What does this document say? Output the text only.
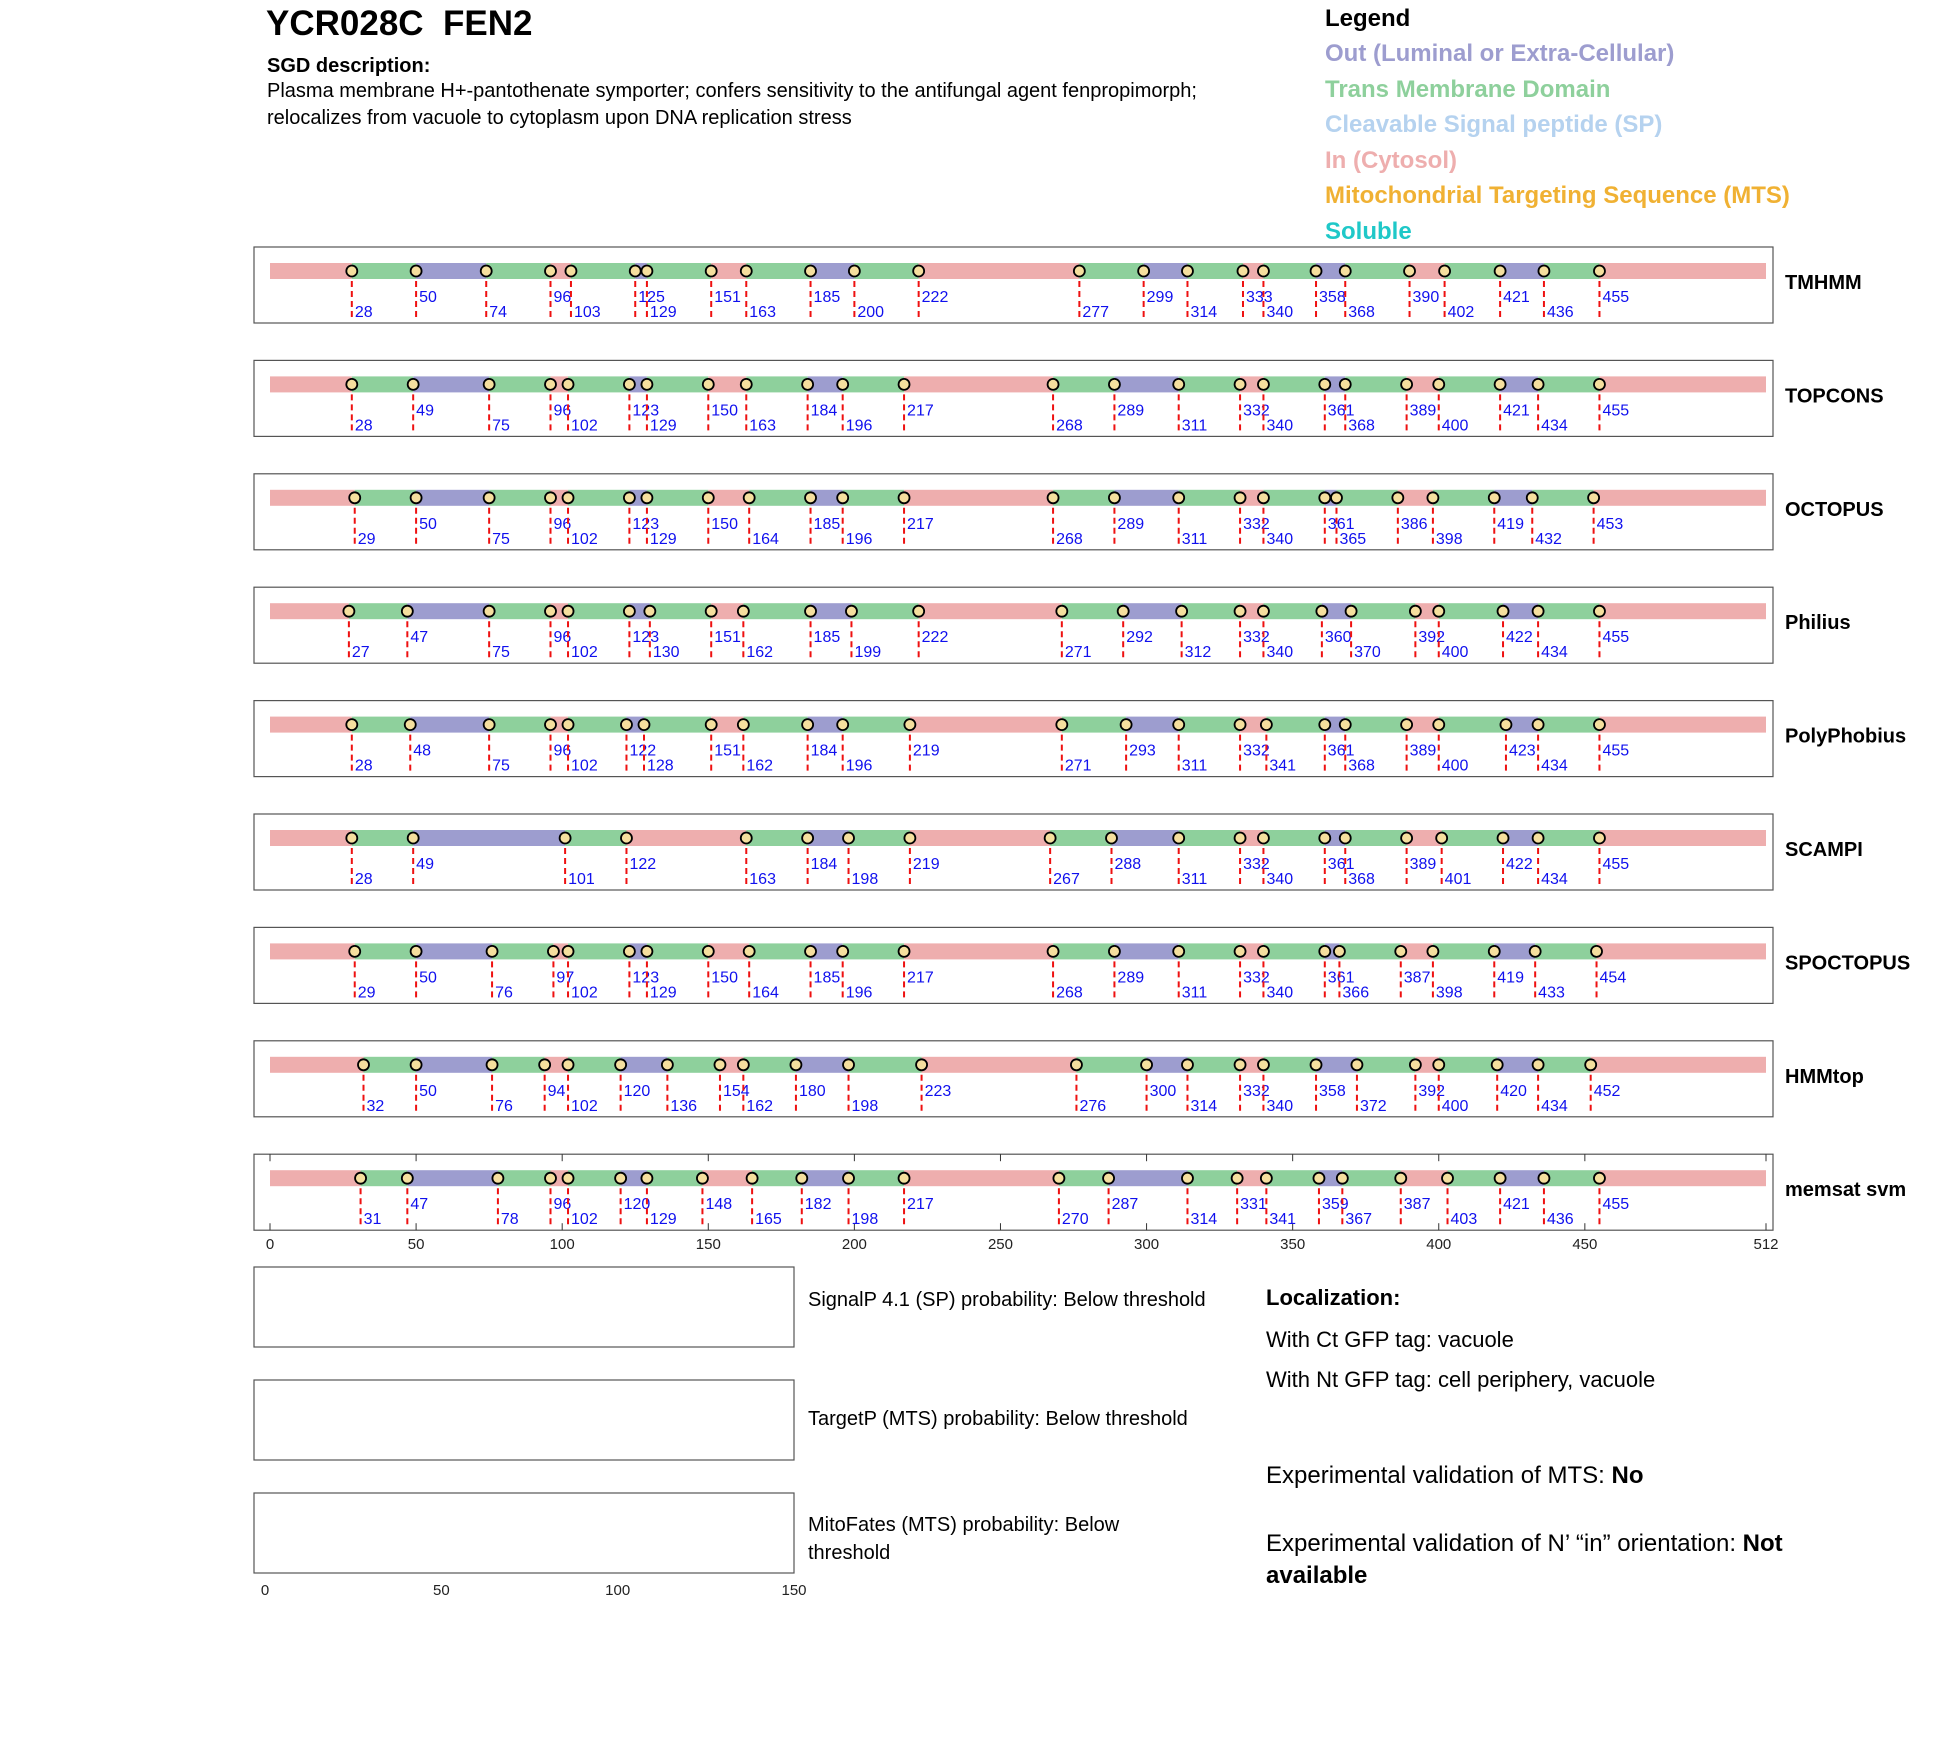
YCR028C  FEN2
SGD description:
Plasma membrane H+-pantothenate symporter; confers sensitivity to the antifungal agent fenpropimorph; relocalizes from vacuole to cytoplasm upon DNA replication stress
Legend
Out (Luminal or Extra-Cellular)
Trans Membrane Domain
Cleavable Signal peptide (SP)
In (Cytosol)
Mitochondrial Targeting Sequence (MTS)
Soluble
28
50
74
96
103
125
129
151
163
185
200
222
277
299
314
333
340
358
368
390
402
421
436
455
TMHMM
28
49
75
96
102
123
129
150
163
184
196
217
268
289
311
332
340
361
368
389
400
421
434
455
TOPCONS
29
50
75
96
102
123
129
150
164
185
196
217
268
289
311
332
340
361
365
386
398
419
432
453
OCTOPUS
27
47
75
96
102
123
130
151
162
185
199
222
271
292
312
332
340
360
370
392
400
422
434
455
Philius
28
48
75
96
102
122
128
151
162
184
196
219
271
293
311
332
341
361
368
389
400
423
434
455
PolyPhobius
28
49
101
122
163
184
198
219
267
288
311
332
340
361
368
389
401
422
434
455
SCAMPI
29
50
76
97
102
123
129
150
164
185
196
217
268
289
311
332
340
361
366
387
398
419
433
454
SPOCTOPUS
32
50
76
94
102
120
136
154
162
180
198
223
276
300
314
332
340
358
372
392
400
420
434
452
HMMtop
0	50	100	150	200	250	300	350	400	450	512
31
47
78
96
102
120
129
148
165
182
198
217
270
287
314
331
341
359
367
387
403
421
436
455
memsat svm
0	50	100	150
SignalP 4.1 (SP) probability: Below threshold
TargetP (MTS) probability: Below threshold
MitoFates (MTS) probability: Below threshold
Localization:
With Ct GFP tag: vacuole
With Nt GFP tag: cell periphery, vacuole
Experimental validation of MTS: No
Experimental validation of N’ “in” orientation: Not available
